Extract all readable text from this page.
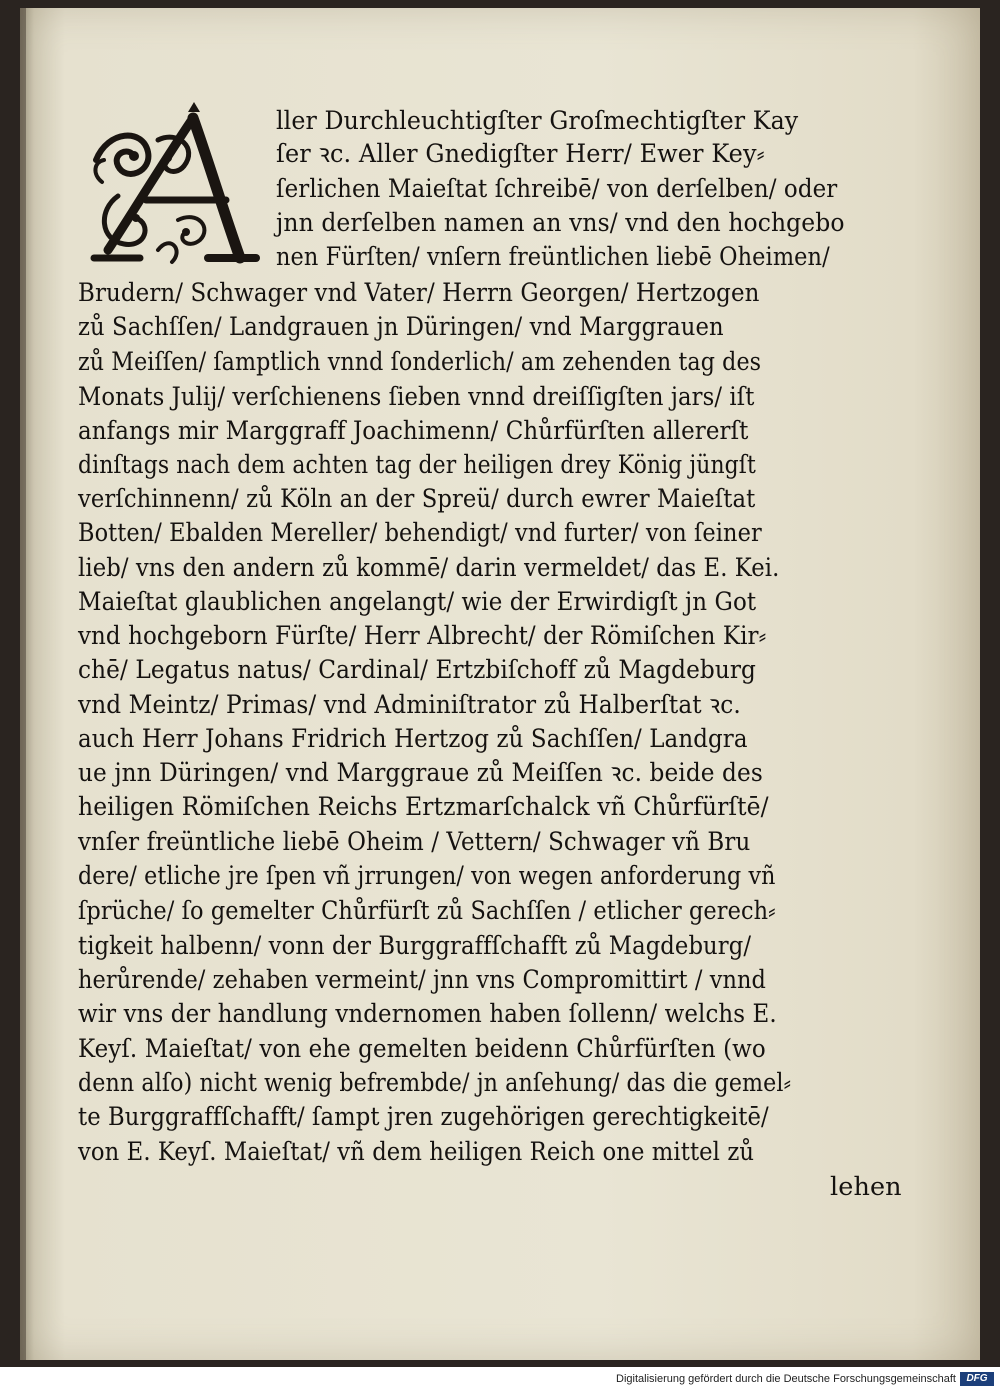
ller Durchleuchtigſter Groſmechtigſter Kay
ſer ꝛc. Aller Gnedigſter Herr/ Ewer Key⸗
ſerlichen Maieſtat ſchreibē/ von derſelben/ oder
jnn derſelben namen an vns/ vnd den hochgebo
nen Fürſten/ vnſern freüntlichen liebē Oheimen/
Brudern/ Schwager vnd Vater/ Herrn Georgen/ Hertzogen
zů Sachſſen/ Landgrauen jn Düringen/ vnd Marggrauen
zů Meiſſen/ ſamptlich vnnd ſonderlich/ am zehenden tag des
Monats Julij/ verſchienens ſieben vnnd dreiſſigſten jars/ iſt
anfangs mir Marggraff Joachimenn/ Chůrfürſten allererſt
dinſtags nach dem achten tag der heiligen drey König jüngſt
verſchinnenn/ zů Köln an der Spreü/ durch ewrer Maieſtat
Botten/ Ebalden Mereller/ behendigt/ vnd furter/ von ſeiner
lieb/ vns den andern zů kommē/ darin vermeldet/ das E. Kei.
Maieſtat glaublichen angelangt/ wie der Erwirdigſt jn Got
vnd hochgeborn Fürſte/ Herr Albrecht/ der Römiſchen Kir⸗
chē/ Legatus natus/ Cardinal/ Ertzbiſchoff zů Magdeburg
vnd Meintz/ Primas/ vnd Adminiſtrator zů Halberſtat ꝛc.
auch Herr Johans Fridrich Hertzog zů Sachſſen/ Landgra
ue jnn Düringen/ vnd Marggraue zů Meiſſen ꝛc. beide des
heiligen Römiſchen Reichs Ertzmarſchalck vñ Chůrfürſtē/
vnſer freüntliche liebē Oheim / Vettern/ Schwager vñ Bru
dere/ etliche jre ſpen vñ jrrungen/ von wegen anforderung vñ
ſprüche/ ſo gemelter Chůrfürſt zů Sachſſen / etlicher gerech⸗
tigkeit halbenn/ vonn der Burggraffſchafft zů Magdeburg/
herůrende/ zehaben vermeint/ jnn vns Compromittirt / vnnd
wir vns der handlung vndernomen haben ſollenn/ welchs E.
Keyſ. Maieſtat/ von ehe gemelten beidenn Chůrfürſten (wo
denn alſo) nicht wenig befrembde/ jn anſehung/ das die gemel⸗
te Burggraffſchafft/ ſampt jren zugehörigen gerechtigkeitē/
von E. Keyſ. Maieſtat/ vñ dem heiligen Reich one mittel zů
lehen
Digitalisierung gefördert durch die Deutsche Forschungsgemeinschaft	DFG
